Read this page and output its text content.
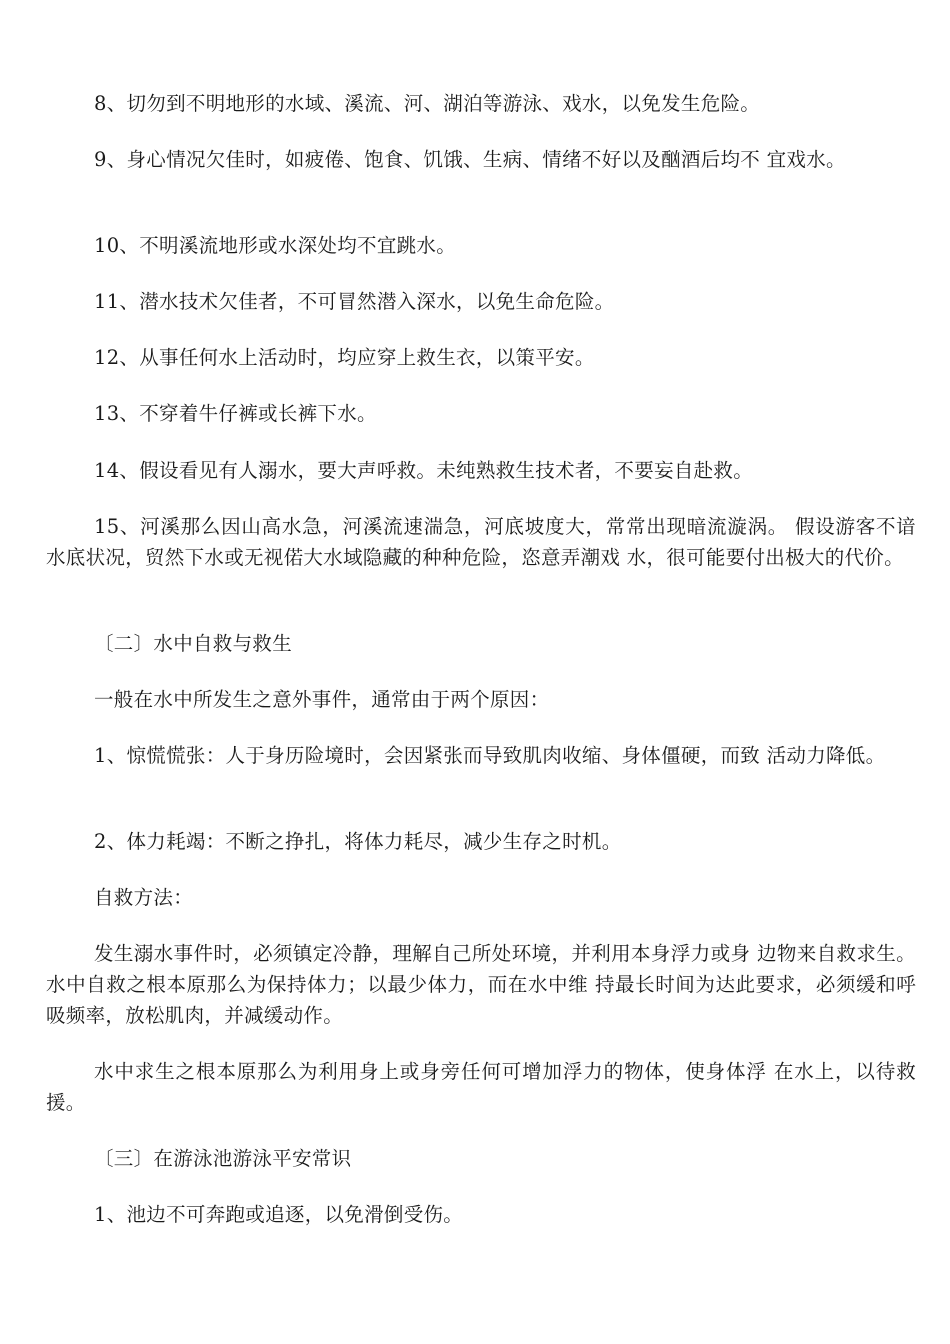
8、切勿到不明地形的水域、溪流、河、湖泊等游泳、戏水，以免发生危险。

9、身心情况欠佳时，如疲倦、饱食、饥饿、生病、情绪不好以及酗酒后均不 宜戏水。

10、不明溪流地形或水深处均不宜跳水。

11、潜水技术欠佳者，不可冒然潜入深水，以免生命危险。

12、从事任何水上活动时，均应穿上救生衣，以策平安。

13、不穿着牛仔裤或长裤下水。

14、假设看见有人溺水，要大声呼救。未纯熟救生技术者，不要妄自赴救。

15、河溪那么因山高水急，河溪流速湍急，河底坡度大，常常出现暗流漩涡。 假设游客不谙水底状况，贸然下水或无视偌大水域隐藏的种种危险，恣意弄潮戏 水，很可能要付出极大的代价。

〔二〕水中自救与救生

一般在水中所发生之意外事件，通常由于两个原因：

1、惊慌慌张：人于身历险境时，会因紧张而导致肌肉收缩、身体僵硬，而致 活动力降低。

2、体力耗竭：不断之挣扎，将体力耗尽，减少生存之时机。

自救方法：

发生溺水事件时，必须镇定冷静，理解自己所处环境，并利用本身浮力或身 边物来自救求生。水中自救之根本原那么为保持体力；以最少体力，而在水中维 持最长时间为达此要求，必须缓和呼吸频率，放松肌肉，并减缓动作。

水中求生之根本原那么为利用身上或身旁任何可增加浮力的物体，使身体浮 在水上，以待救援。

〔三〕在游泳池游泳平安常识

1、池边不可奔跑或追逐，以免滑倒受伤。
